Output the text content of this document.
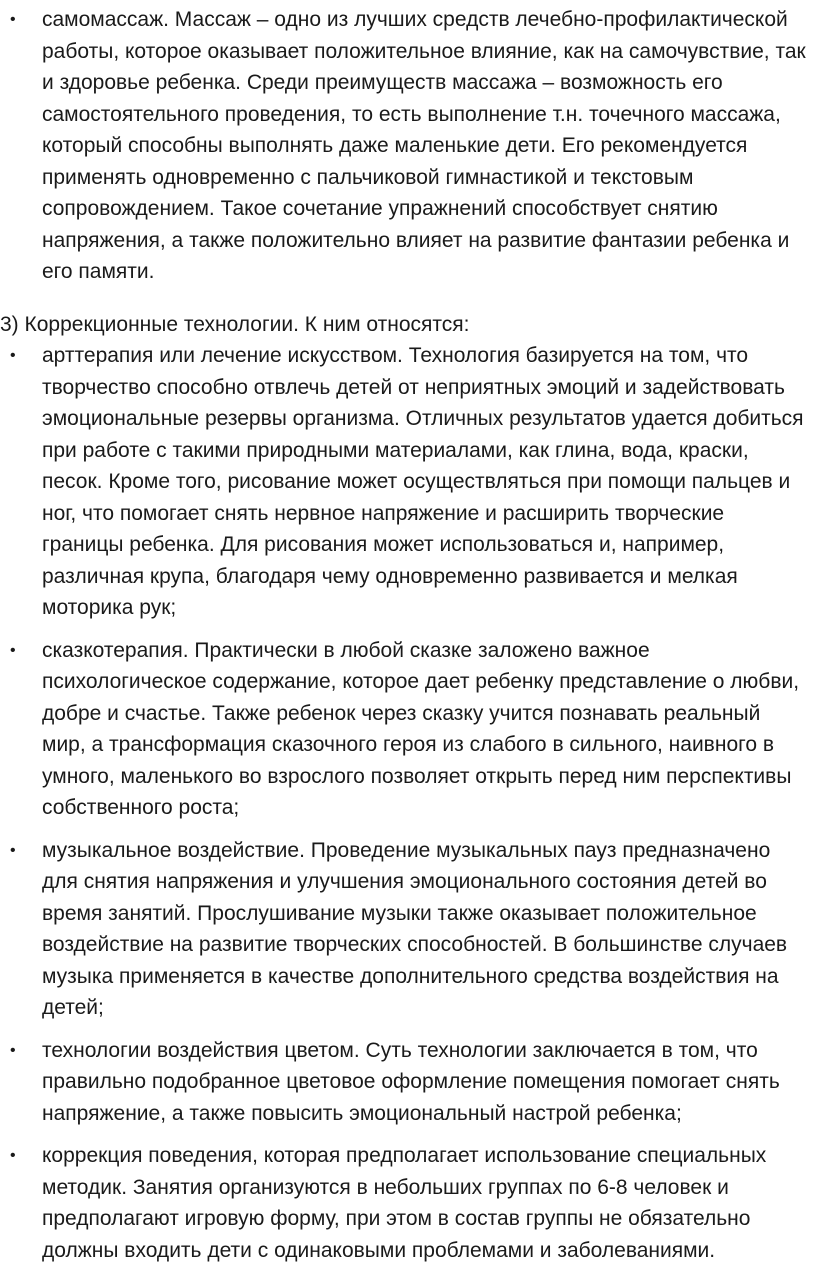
• самомассаж. Массаж – одно из лучших средств лечебно-профилактической работы, которое оказывает положительное влияние, как на самочувствие, так и здоровье ребенка. Среди преимуществ массажа – возможность его самостоятельного проведения, то есть выполнение т.н. точечного массажа, который способны выполнять даже маленькие дети. Его рекомендуется применять одновременно с пальчиковой гимнастикой и текстовым сопровождением. Такое сочетание упражнений способствует снятию напряжения, а также положительно влияет на развитие фантазии ребенка и его памяти.

3) Коррекционные технологии. К ним относятся:

• арттерапия или лечение искусством. Технология базируется на том, что творчество способно отвлечь детей от неприятных эмоций и задействовать эмоциональные резервы организма. Отличных результатов удается добиться при работе с такими природными материалами, как глина, вода, краски, песок. Кроме того, рисование может осуществляться при помощи пальцев и ног, что помогает снять нервное напряжение и расширить творческие границы ребенка. Для рисования может использоваться и, например, различная крупа, благодаря чему одновременно развивается и мелкая моторика рук;
• сказкотерапия. Практически в любой сказке заложено важное психологическое содержание, которое дает ребенку представление о любви, добре и счастье. Также ребенок через сказку учится познавать реальный мир, а трансформация сказочного героя из слабого в сильного, наивного в умного, маленького во взрослого позволяет открыть перед ним перспективы собственного роста;
• музыкальное воздействие. Проведение музыкальных пауз предназначено для снятия напряжения и улучшения эмоционального состояния детей во время занятий. Прослушивание музыки также оказывает положительное воздействие на развитие творческих способностей. В большинстве случаев музыка применяется в качестве дополнительного средства воздействия на детей;
• технологии воздействия цветом. Суть технологии заключается в том, что правильно подобранное цветовое оформление помещения помогает снять напряжение, а также повысить эмоциональный настрой ребенка;
• коррекция поведения, которая предполагает использование специальных методик. Занятия организуются в небольших группах по 6-8 человек и предполагают игровую форму, при этом в состав группы не обязательно должны входить дети с одинаковыми проблемами и заболеваниями.
